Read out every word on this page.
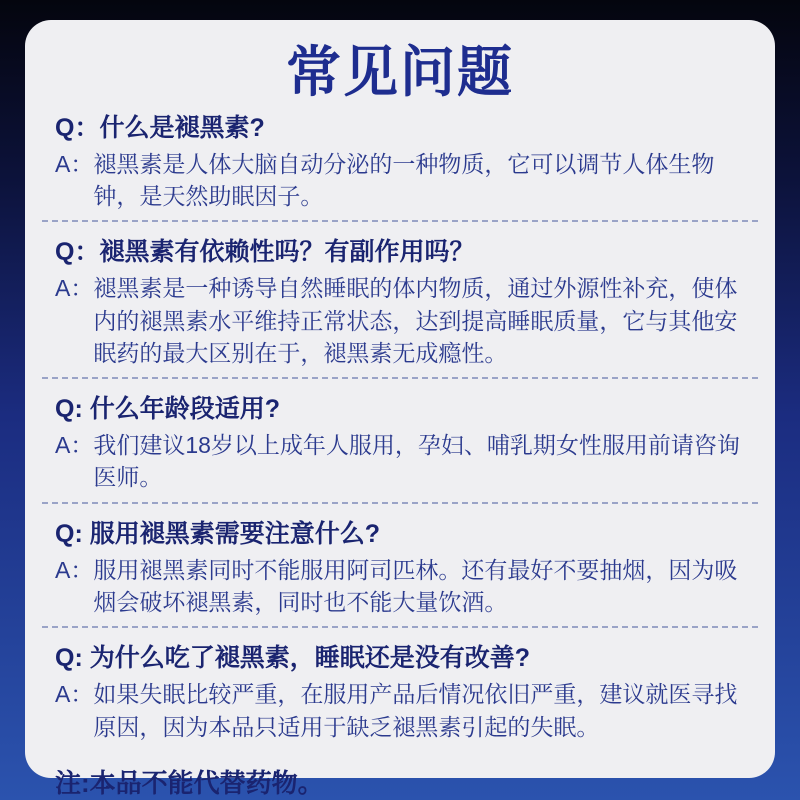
常见问题
Q：什么是褪黑素?
A： 褪黑素是人体大脑自动分泌的一种物质，它可以调节人体生物钟，是天然助眠因子。
Q：褪黑素有依赖性吗？有副作用吗？
A： 褪黑素是一种诱导自然睡眠的体内物质，通过外源性补充，使体内的褪黑素水平维持正常状态，达到提高睡眠质量，它与其他安眠药的最大区别在于，褪黑素无成瘾性。
Q: 什么年龄段适用?
A： 我们建议18岁以上成年人服用，孕妇、哺乳期女性服用前请咨询医师。
Q: 服用褪黑素需要注意什么?
A： 服用褪黑素同时不能服用阿司匹林。还有最好不要抽烟，因为吸烟会破坏褪黑素，同时也不能大量饮酒。
Q: 为什么吃了褪黑素，睡眠还是没有改善?
A： 如果失眠比较严重，在服用产品后情况依旧严重，建议就医寻找原因，因为本品只适用于缺乏褪黑素引起的失眠。
注:本品不能代替药物。
